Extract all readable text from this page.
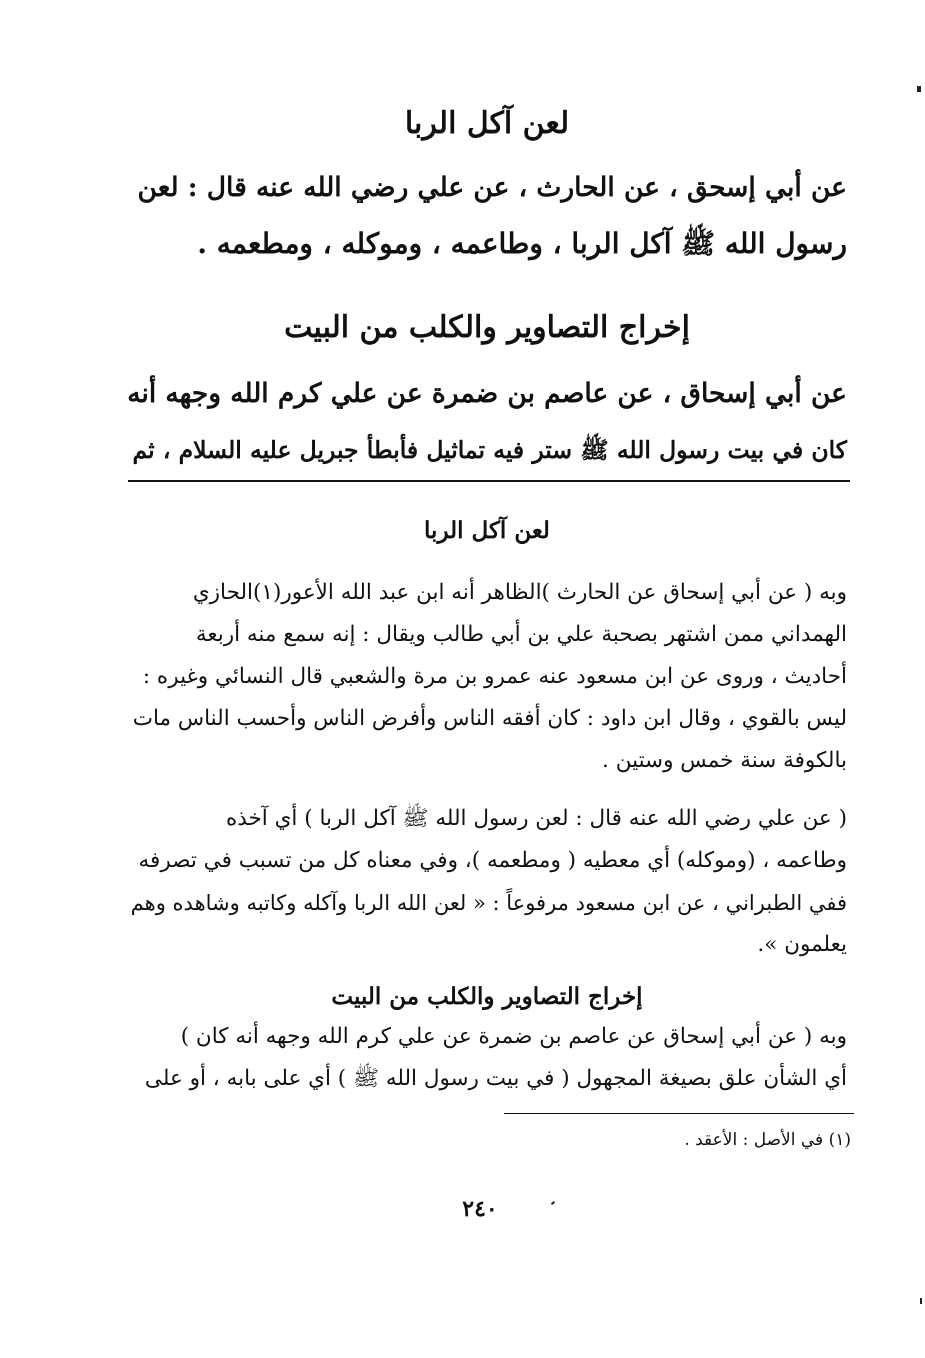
لعن آكل الربا
عن أبي إسحق ، عن الحارث ، عن علي رضي الله عنه قال : لعن
رسول الله ﷺ آكل الربا ، وطاعمه ، وموكله ، ومطعمه .
إخراج التصاوير والكلب من البيت
عن أبي إسحاق ، عن عاصم بن ضمرة عن علي كرم الله وجهه أنه
كان في بيت رسول الله ﷺ ستر فيه تماثيل فأبطأ جبريل عليه السلام ، ثم
لعن آكل الربا
وبه ( عن أبي إسحاق عن الحارث )الظاهر أنه ابن عبد الله الأعور(١)الحازي
الهمداني ممن اشتهر بصحبة علي بن أبي طالب ويقال : إنه سمع منه أربعة
أحاديث ، وروى عن ابن مسعود عنه عمرو بن مرة والشعبي قال النسائي وغيره :
ليس بالقوي ، وقال ابن داود : كان أفقه الناس وأفرض الناس وأحسب الناس مات
بالكوفة سنة خمس وستين .
( عن علي رضي الله عنه قال : لعن رسول الله ﷺ آكل الربا ) أي آخذه
وطاعمه ، (وموكله) أي معطيه ( ومطعمه )، وفي معناه كل من تسبب في تصرفه
ففي الطبراني ، عن ابن مسعود مرفوعاً : « لعن الله الربا وآكله وكاتبه وشاهده وهم
يعلمون ».
إخراج التصاوير والكلب من البيت
وبه ( عن أبي إسحاق عن عاصم بن ضمرة عن علي كرم الله وجهه أنه كان )
أي الشأن علق بصيغة المجهول ( في بيت رسول الله ﷺ ) أي على بابه ، أو على
(١) في الأصل : الأعقد .
٢٤٠
